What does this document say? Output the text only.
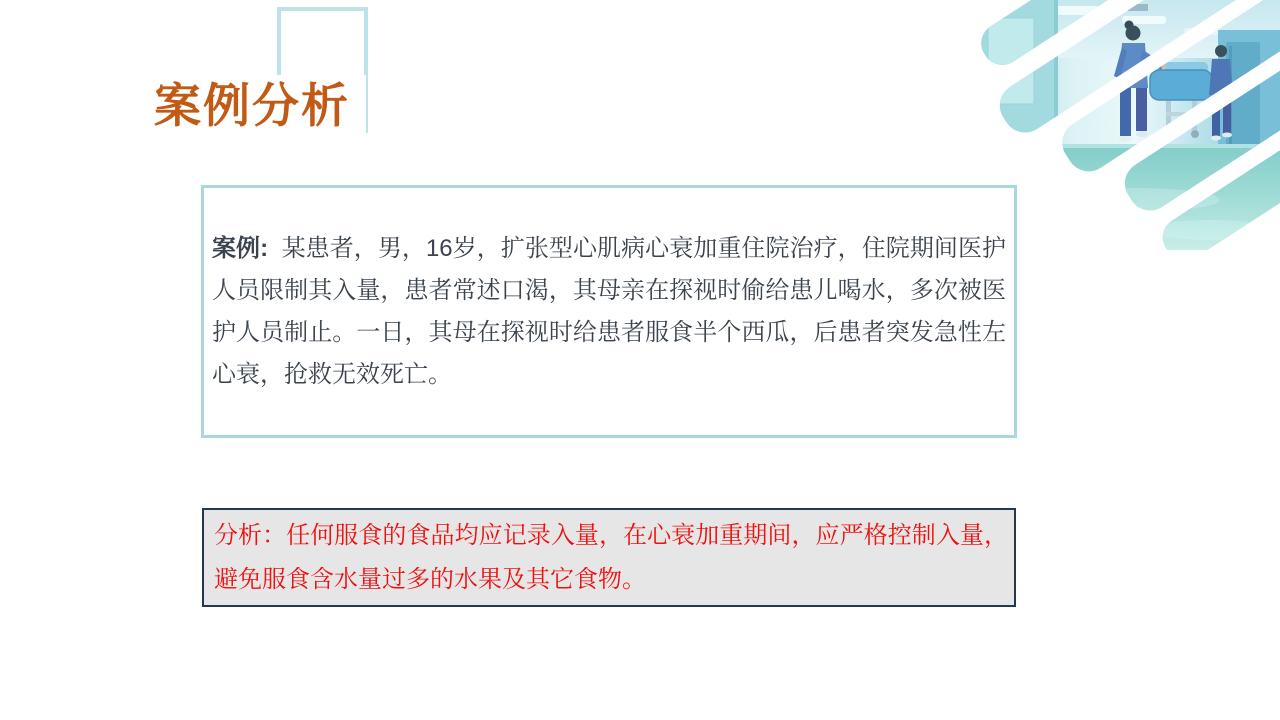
案例分析

案例:  某患者，男，16岁，扩张型心肌病心衰加重住院治疗，住院期间医护人员限制其入量，患者常述口渴，其母亲在探视时偷给患儿喝水，多次被医护人员制止。一日，其母在探视时给患者服食半个西瓜，后患者突发急性左心衰，抢救无效死亡。

分析：任何服食的食品均应记录入量，在心衰加重期间，应严格控制入量，避免服食含水量过多的水果及其它食物。
